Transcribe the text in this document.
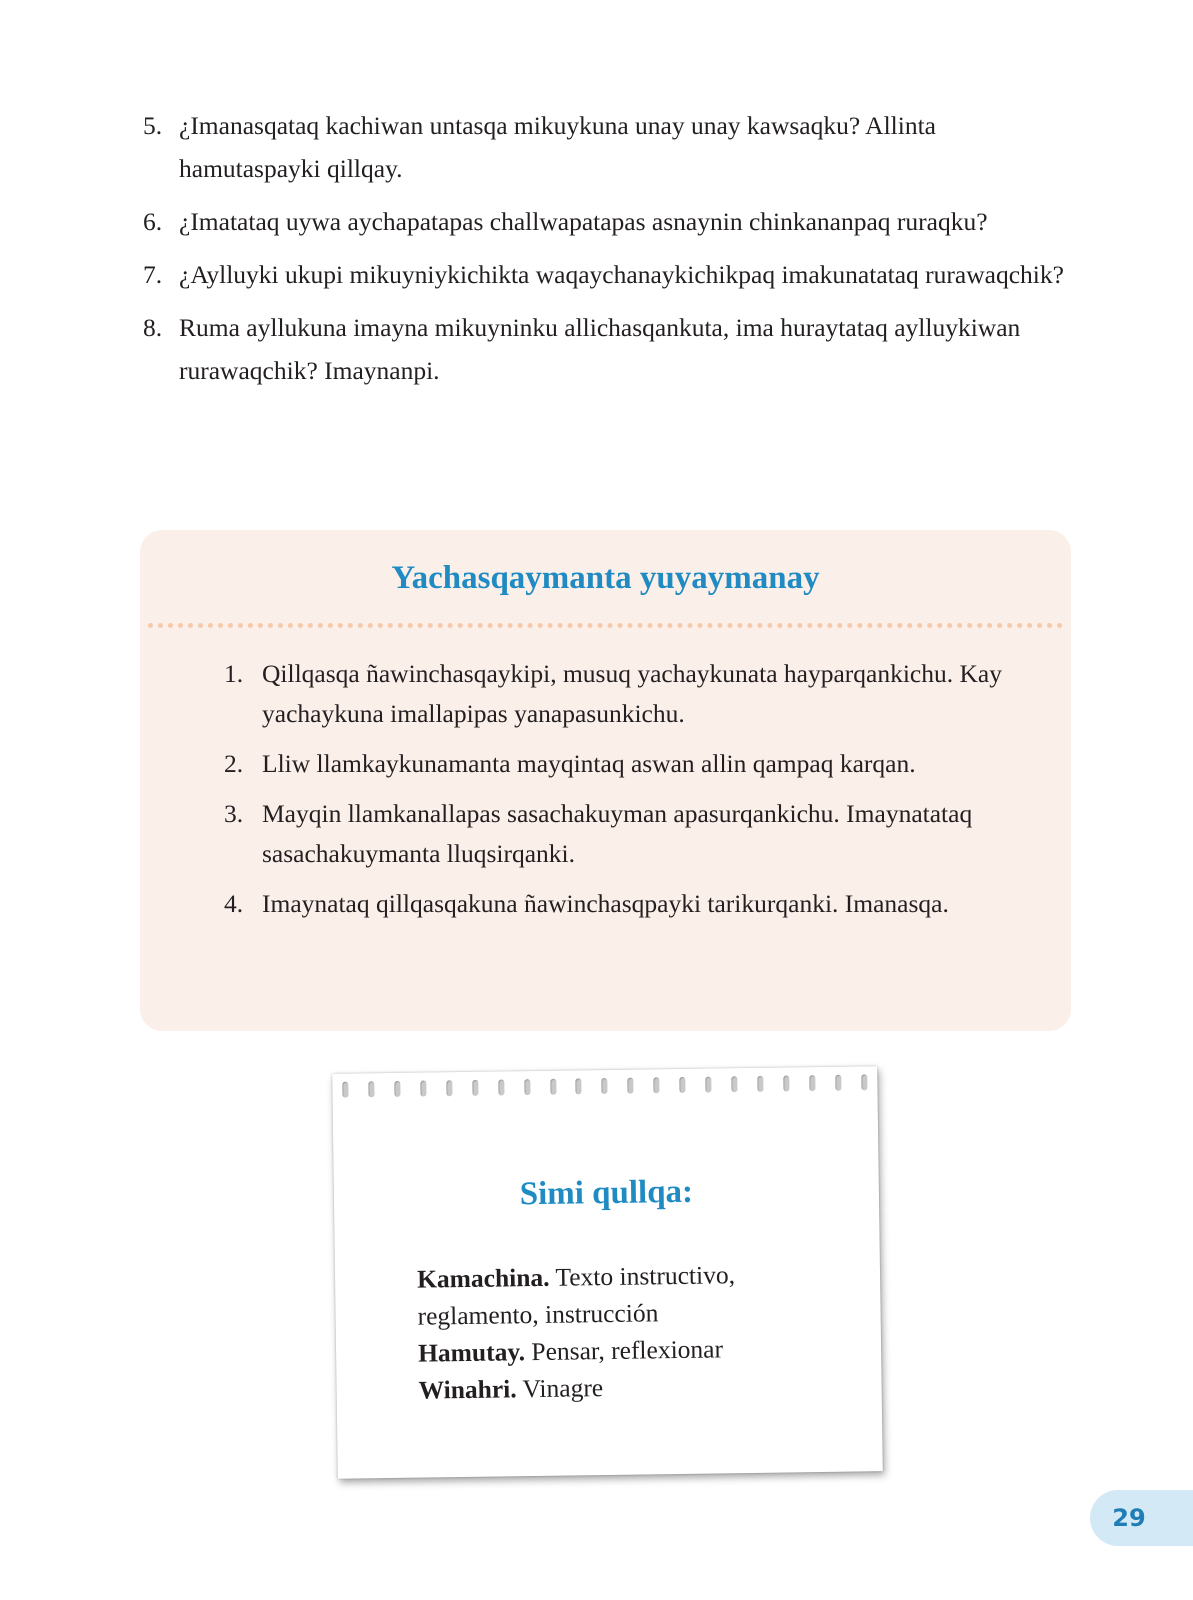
5. ¿Imanasqataq kachiwan untasqa mikuykuna unay unay kawsaqku? Allinta hamutaspayki qillqay.
6. ¿Imatataq uywa aychapatapas challwapatapas asnaynin chinkananpaq ruraqku?
7. ¿Aylluyki ukupi mikuyniykichikta waqaychanaykichikpaq imakunatataq rurawaqchik?
8. Ruma ayllukuna imayna mikuyninku allichasqankuta, ima huraytataq aylluykiwan rurawaqchik? Imaynanpi.
Yachasqaymanta yuyaymanay
1. Qillqasqa ñawinchasqaykipi, musuq yachaykunata hayparqankichu. Kay yachaykuna imallapipas yanapasunkichu.
2. Lliw llamkaykunamanta mayqintaq aswan allin qampaq karqan.
3. Mayqin llamkanallapas sasachakuyman apasurqankichu. Imaynatataq sasachakuymanta lluqsirqanki.
4. Imaynataq qillqasqakuna ñawinchasqpayki tarikurqanki. Imanasqa.
Simi qullqa:
Kamachina. Texto instructivo, reglamento, instrucción
Hamutay. Pensar, reflexionar
Winahri. Vinagre
29
